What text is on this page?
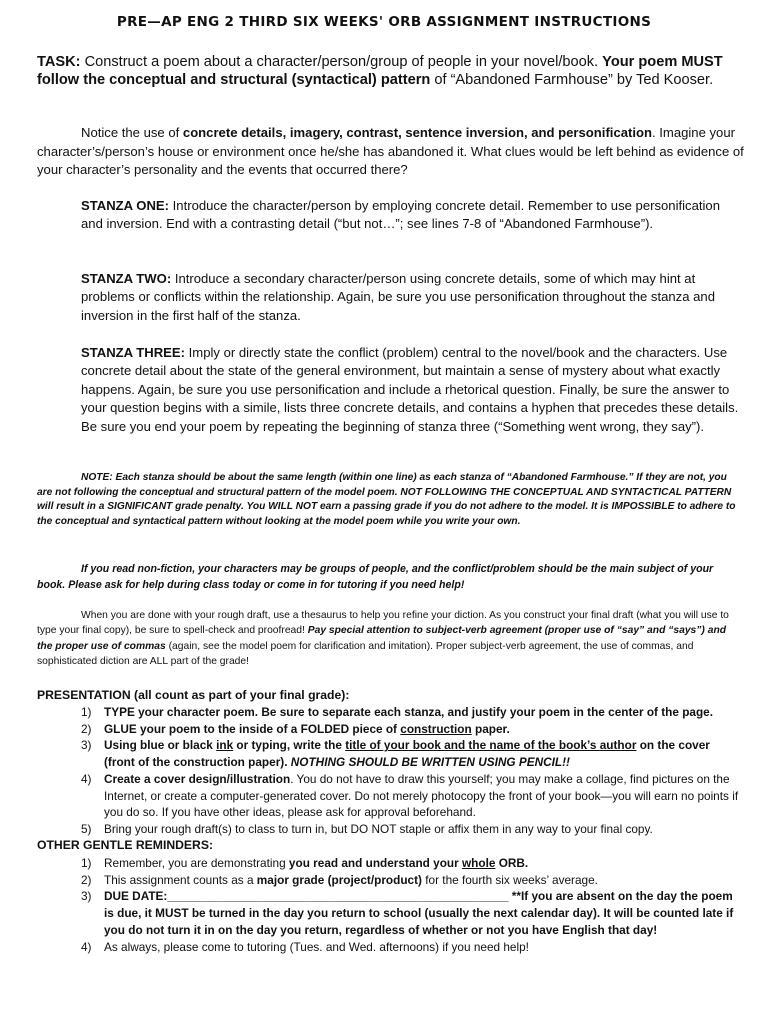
PRE—AP ENG 2 THIRD SIX WEEKS' ORB ASSIGNMENT INSTRUCTIONS
TASK: Construct a poem about a character/person/group of people in your novel/book. Your poem MUST follow the conceptual and structural (syntactical) pattern of “Abandoned Farmhouse” by Ted Kooser.
Notice the use of concrete details, imagery, contrast, sentence inversion, and personification. Imagine your character’s/person’s house or environment once he/she has abandoned it. What clues would be left behind as evidence of your character’s personality and the events that occurred there?
STANZA ONE: Introduce the character/person by employing concrete detail. Remember to use personification and inversion. End with a contrasting detail (“but not…”; see lines 7-8 of “Abandoned Farmhouse”).
STANZA TWO: Introduce a secondary character/person using concrete details, some of which may hint at problems or conflicts within the relationship. Again, be sure you use personification throughout the stanza and inversion in the first half of the stanza.
STANZA THREE: Imply or directly state the conflict (problem) central to the novel/book and the characters. Use concrete detail about the state of the general environment, but maintain a sense of mystery about what exactly happens. Again, be sure you use personification and include a rhetorical question. Finally, be sure the answer to your question begins with a simile, lists three concrete details, and contains a hyphen that precedes these details. Be sure you end your poem by repeating the beginning of stanza three (“Something went wrong, they say”).
NOTE: Each stanza should be about the same length (within one line) as each stanza of “Abandoned Farmhouse.” If they are not, you are not following the conceptual and structural pattern of the model poem. NOT FOLLOWING THE CONCEPTUAL AND SYNTACTICAL PATTERN will result in a SIGNIFICANT grade penalty. You WILL NOT earn a passing grade if you do not adhere to the model. It is IMPOSSIBLE to adhere to the conceptual and syntactical pattern without looking at the model poem while you write your own.
If you read non-fiction, your characters may be groups of people, and the conflict/problem should be the main subject of your book. Please ask for help during class today or come in for tutoring if you need help!
When you are done with your rough draft, use a thesaurus to help you refine your diction. As you construct your final draft (what you will use to type your final copy), be sure to spell-check and proofread! Pay special attention to subject-verb agreement (proper use of “say” and “says”) and the proper use of commas (again, see the model poem for clarification and imitation). Proper subject-verb agreement, the use of commas, and sophisticated diction are ALL part of the grade!
PRESENTATION (all count as part of your final grade):
1)	TYPE your character poem. Be sure to separate each stanza, and justify your poem in the center of the page.
2)	GLUE your poem to the inside of a FOLDED piece of construction paper.
3)	Using blue or black ink or typing, write the title of your book and the name of the book’s author on the cover (front of the construction paper). NOTHING SHOULD BE WRITTEN USING PENCIL!!
4)	Create a cover design/illustration. You do not have to draw this yourself; you may make a collage, find pictures on the Internet, or create a computer-generated cover. Do not merely photocopy the front of your book—you will earn no points if you do so. If you have other ideas, please ask for approval beforehand.
5)	Bring your rough draft(s) to class to turn in, but DO NOT staple or affix them in any way to your final copy.
OTHER GENTLE REMINDERS:
1)	Remember, you are demonstrating you read and understand your whole ORB.
2)	This assignment counts as a major grade (project/product) for the fourth six weeks’ average.
3)	DUE DATE:____________________________________________________ **If you are absent on the day the poem is due, it MUST be turned in the day you return to school (usually the next calendar day). It will be counted late if you do not turn it in on the day you return, regardless of whether or not you have English that day!
4)	As always, please come to tutoring (Tues. and Wed. afternoons) if you need help!
